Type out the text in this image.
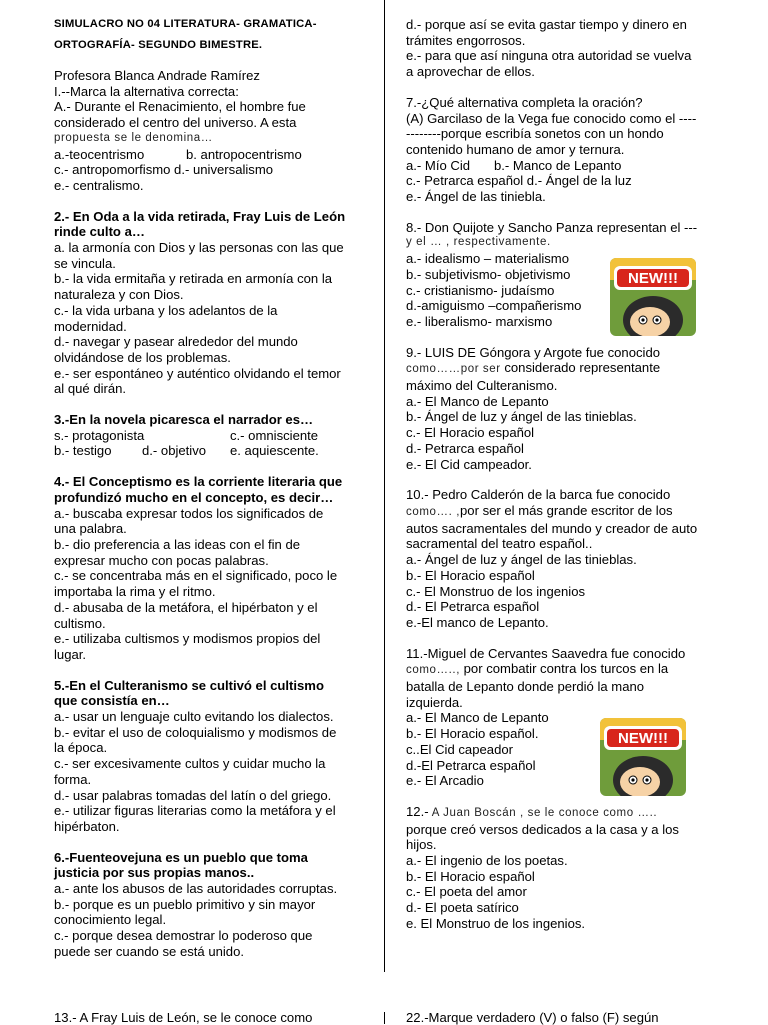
SIMULACRO NO 04 LITERATURA- GRAMATICA-
ORTOGRAFÍA- SEGUNDO BIMESTRE.
Profesora Blanca Andrade Ramírez
I.--Marca la alternativa correcta:
A.- Durante el Renacimiento, el hombre fue
considerado el centro del universo. A esta
propuesta se le denomina…
a.-teocentrismo	b. antropocentrismo
c.- antropomorfismo d.- universalismo
e.- centralismo.
2.- En Oda a la vida retirada, Fray Luis de León
rinde culto a…
a. la armonía con Dios y las personas con las que
se vincula.
b.- la vida ermitaña y retirada en armonía con la
naturaleza y con Dios.
c.- la vida urbana y los adelantos de la
modernidad.
d.- navegar y pasear alrededor del mundo
olvidándose de los problemas.
e.- ser espontáneo y auténtico olvidando el temor
al qué dirán.
3.-En la novela picaresca el narrador es…
s.- protagonista	c.- omnisciente
b.- testigo d.- objetivo e. aquiescente.
4.- El Conceptismo es la corriente literaria que
profundizó mucho en el concepto, es decir…
a.- buscaba expresar todos los significados de
una palabra.
b.- dio preferencia a las ideas con el fin de
expresar mucho con pocas palabras.
c.- se concentraba más en el significado, poco le
importaba la rima y el ritmo.
d.- abusaba de la metáfora, el hipérbaton y el
cultismo.
e.- utilizaba cultismos y modismos propios del
lugar.
5.-En el Culteranismo se cultivó el cultismo
que consistía en…
a.- usar un lenguaje culto evitando los dialectos.
b.- evitar el uso de coloquialismo y modismos de
la época.
c.- ser excesivamente cultos y cuidar mucho la
forma.
d.- usar palabras tomadas del latín o del griego.
e.- utilizar figuras literarias como la metáfora y el
hipérbaton.
6.-Fuenteovejuna es un pueblo que toma
justicia por sus propias manos..
a.- ante los abusos de las autoridades corruptas.
b.- porque es un pueblo primitivo y sin mayor
conocimiento legal.
c.- porque desea demostrar lo poderoso que
puede ser cuando se está unido.
d.- porque así se evita gastar tiempo y dinero en
trámites engorrosos.
e.- para que así ninguna otra autoridad se vuelva
a aprovechar de ellos.
7.-¿Qué alternativa completa la oración?
(A) Garcilaso de la Vega fue conocido como el ----
--------porque escribía sonetos con un hondo
contenido humano de amor y ternura.
a.- Mío Cid b.- Manco de Lepanto
c.- Petrarca español d.- Ángel de la luz
e.- Ángel de las tiniebla.
8.- Don Quijote y Sancho Panza representan el ---
y el … , respectivamente.
a.- idealismo – materialismo
b.- subjetivismo- objetivismo
c.- cristianismo- judaísmo
d.-amiguismo –compañerismo
e.- liberalismo- marxismo
9.- LUIS DE Góngora y Argote fue conocido
como……por ser considerado representante
máximo del Culteranismo.
a.- El Manco de Lepanto
b.- Ángel de luz y ángel de las tinieblas.
c.- El Horacio español
d.- Petrarca español
e.- El Cid campeador.
10.- Pedro Calderón de la barca fue conocido
como…. ,por ser el más grande escritor de los
autos sacramentales del mundo y creador de auto
sacramental del teatro español..
a.- Ángel de luz y ángel de las tinieblas.
b.- El Horacio español
c.- El Monstruo de los ingenios
d.- El Petrarca español
e.-El manco de Lepanto.
11.-Miguel de Cervantes Saavedra fue conocido
como….., por combatir contra los turcos en la
batalla de Lepanto donde perdió la mano
izquierda.
a.- El Manco de Lepanto
b.- El Horacio español.
c..El Cid capeador
d.-El Petrarca español
e.- El Arcadio
12.- A Juan Boscán , se le conoce como …..
porque creó versos dedicados a la casa y a los
hijos.
a.- El ingenio de los poetas.
b.- El Horacio español
c.- El poeta del amor
d.- El poeta satírico
e. El Monstruo de los ingenios.
NEW!!!
NEW!!!
13.- A Fray Luis de León, se le conoce como	22.-Marque verdadero (V) o falso (F) según
